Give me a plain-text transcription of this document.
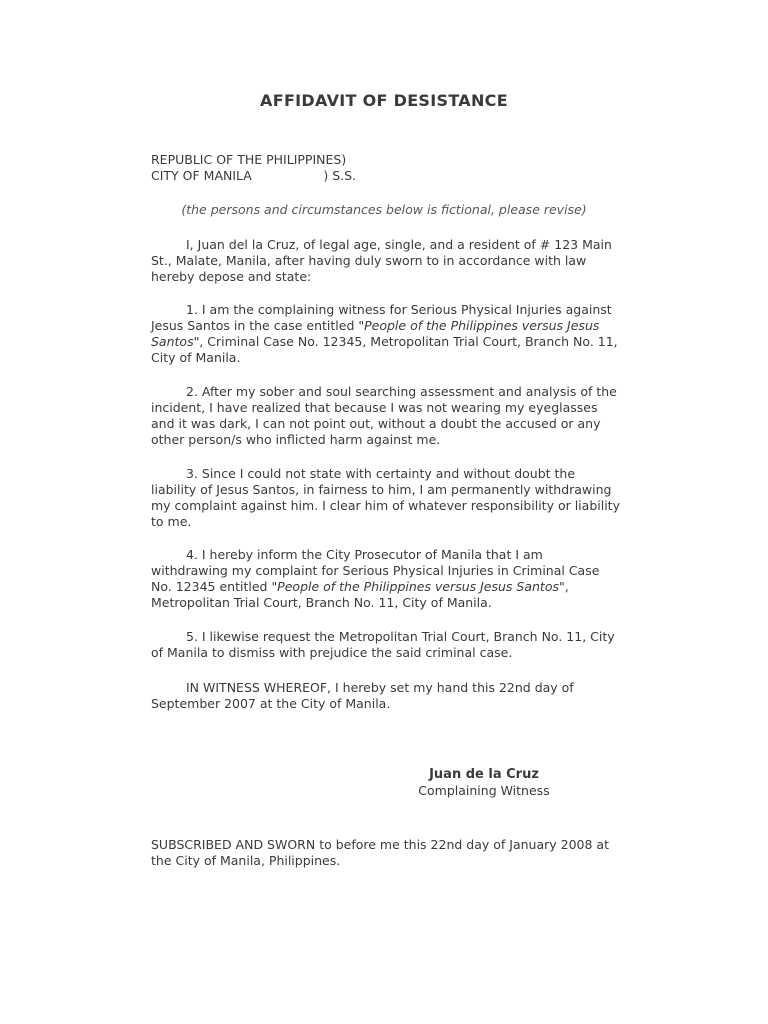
AFFIDAVIT OF DESISTANCE
REPUBLIC OF THE PHILIPPINES)
CITY OF MANILA                  ) S.S.
(the persons and circumstances below is fictional, please revise)
I, Juan del la Cruz, of legal age, single, and a resident of # 123 Main St., Malate, Manila, after having duly sworn to in accordance with law hereby depose and state:
1. I am the complaining witness for Serious Physical Injuries against Jesus Santos in the case entitled "People of the Philippines versus Jesus Santos", Criminal Case No. 12345, Metropolitan Trial Court, Branch No. 11, City of Manila.
2. After my sober and soul searching assessment and analysis of the incident, I have realized that because I was not wearing my eyeglasses and it was dark, I can not point out, without a doubt the accused or any other person/s who inflicted harm against me.
3. Since I could not state with certainty and without doubt the liability of Jesus Santos, in fairness to him, I am permanently withdrawing my complaint against him. I clear him of whatever responsibility or liability to me.
4. I hereby inform the City Prosecutor of Manila that I am withdrawing my complaint for Serious Physical Injuries in Criminal Case No. 12345 entitled "People of the Philippines versus Jesus Santos", Metropolitan Trial Court, Branch No. 11, City of Manila.
5. I likewise request the Metropolitan Trial Court, Branch No. 11, City of Manila to dismiss with prejudice the said criminal case.
IN WITNESS WHEREOF, I hereby set my hand this 22nd day of September 2007 at the City of Manila.
Juan de la Cruz
Complaining Witness
SUBSCRIBED AND SWORN to before me this 22nd day of January 2008 at the City of Manila, Philippines.
